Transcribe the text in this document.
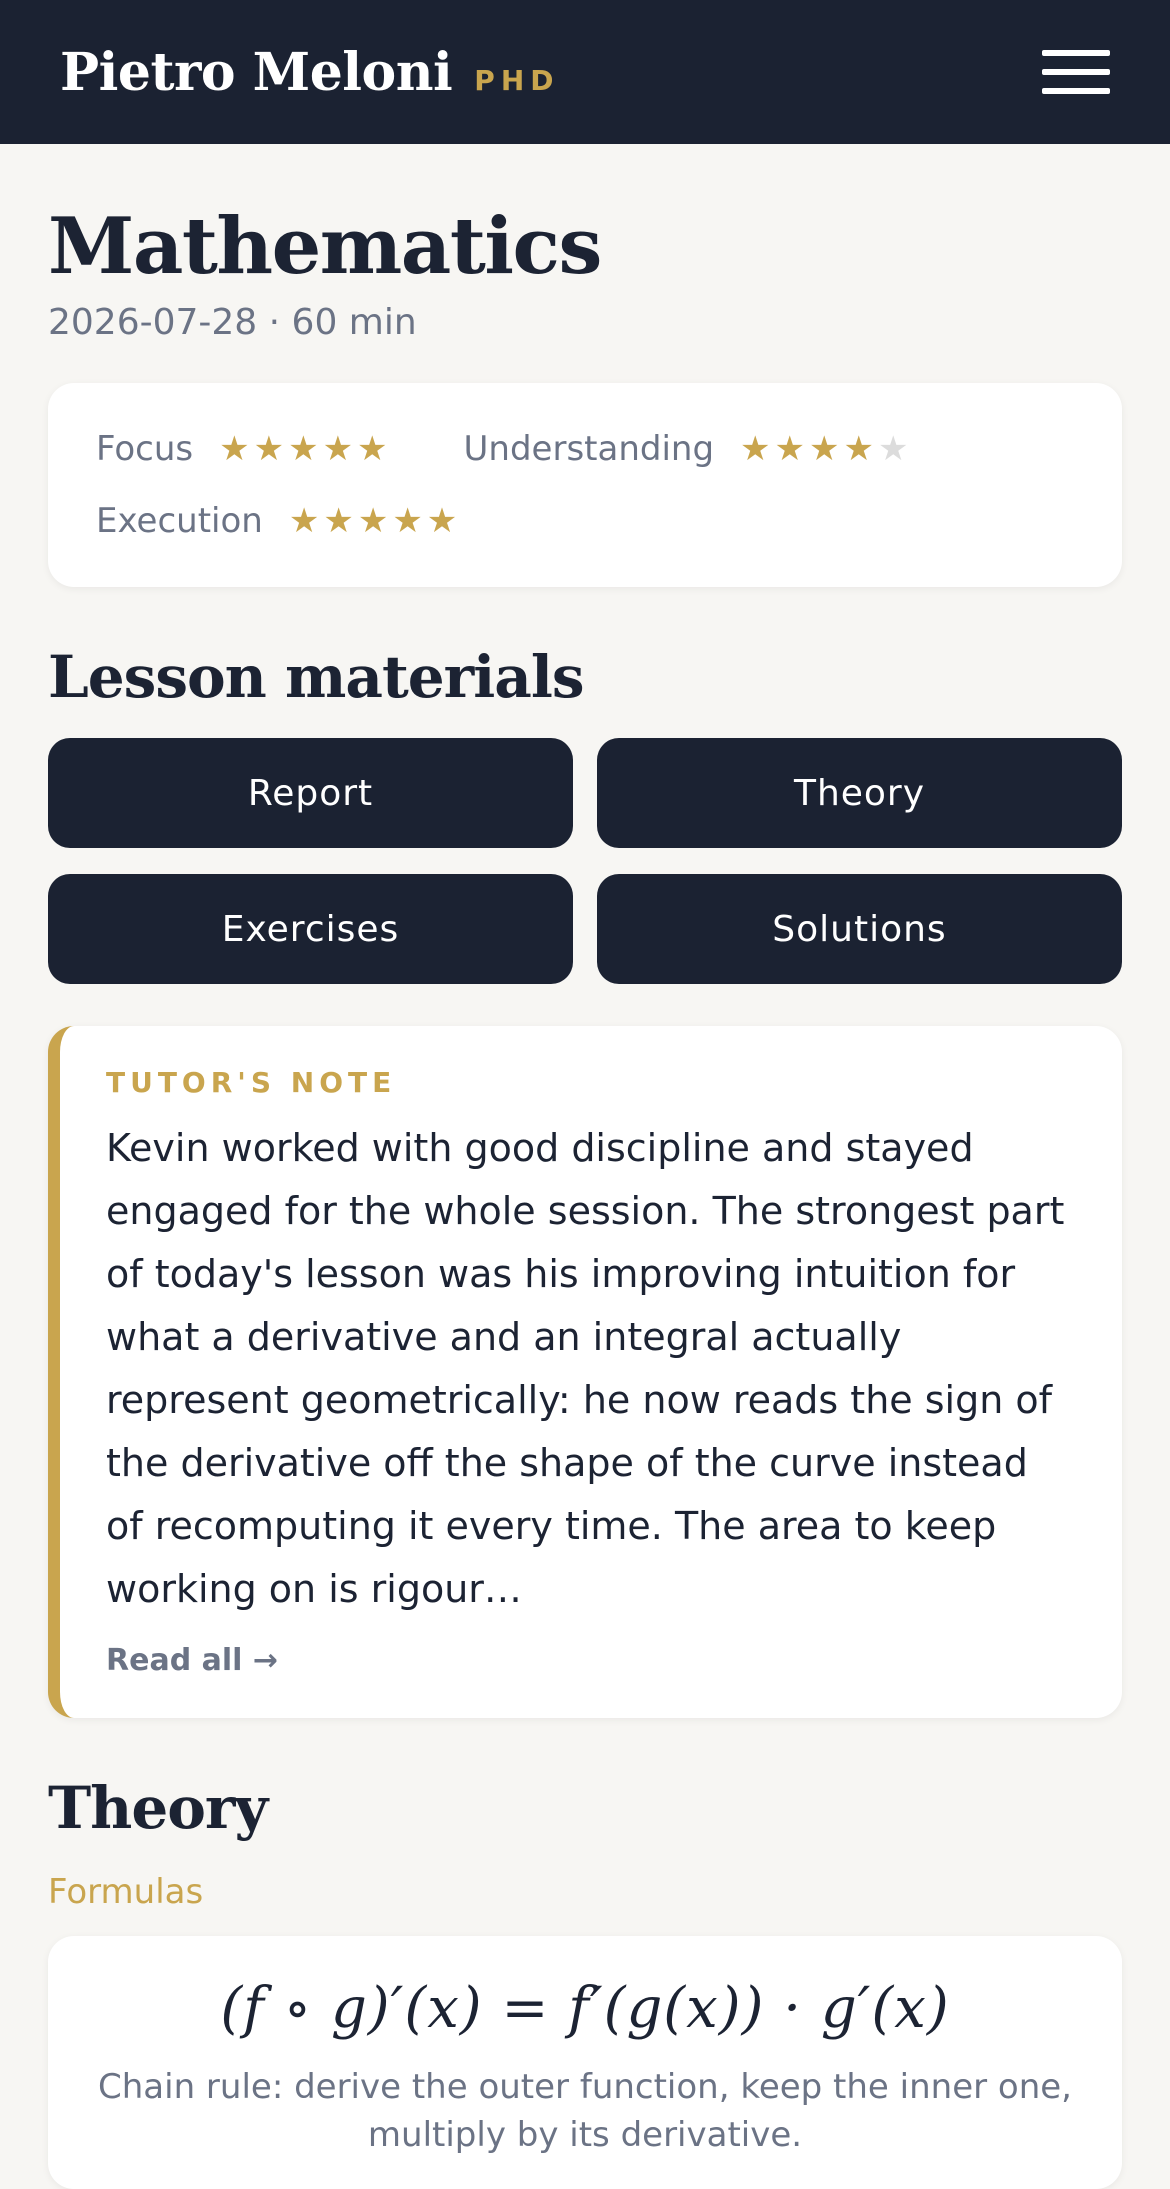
Pietro Meloni PHD
Mathematics
2026-07-28 · 60 min
Focus ★ ★ ★ ★ ★ Understanding ★ ★ ★ ★ ★
Execution ★ ★ ★ ★ ★
Lesson materials
Report	Theory
Exercises	Solutions
TUTOR'S NOTE
Kevin worked with good discipline and stayed engaged for the whole session. The strongest part of today's lesson was his improving intuition for what a derivative and an integral actually represent geometrically: he now reads the sign of the derivative off the shape of the curve instead of recomputing it every time. The area to keep working on is rigour…
Read all →
Theory
Formulas
(f ∘ g)′(x) = f′(g(x)) · g′(x)
Chain rule: derive the outer function, keep the inner one, multiply by its derivative.
